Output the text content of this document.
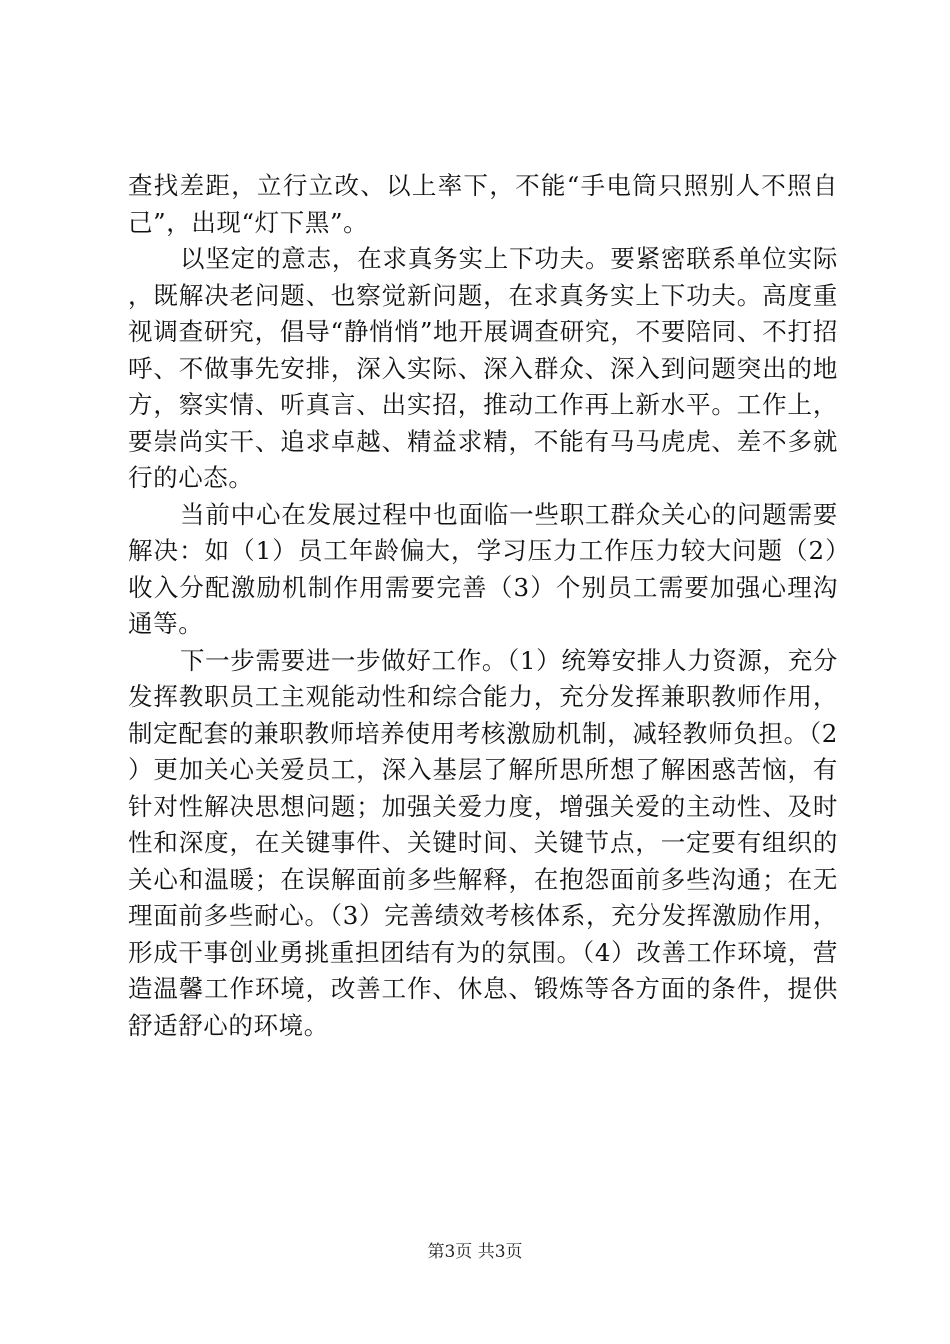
查找差距，立行立改、以上率下，不能“手电筒只照别人不照自己”，出现“灯下黑”。

以坚定的意志，在求真务实上下功夫。要紧密联系单位实际，既解决老问题、也察觉新问题，在求真务实上下功夫。高度重视调查研究，倡导“静悄悄”地开展调查研究，不要陪同、不打招呼、不做事先安排，深入实际、深入群众、深入到问题突出的地方，察实情、听真言、出实招，推动工作再上新水平。工作上，要崇尚实干、追求卓越、精益求精，不能有马马虎虎、差不多就行的心态。

当前中心在发展过程中也面临一些职工群众关心的问题需要解决：如（1）员工年龄偏大，学习压力工作压力较大问题（2）收入分配激励机制作用需要完善（3）个别员工需要加强心理沟通等。

下一步需要进一步做好工作。（1）统筹安排人力资源，充分发挥教职员工主观能动性和综合能力，充分发挥兼职教师作用，制定配套的兼职教师培养使用考核激励机制，减轻教师负担。（2）更加关心关爱员工，深入基层了解所思所想了解困惑苦恼，有针对性解决思想问题；加强关爱力度，增强关爱的主动性、及时性和深度，在关键事件、关键时间、关键节点，一定要有组织的关心和温暖；在误解面前多些解释，在抱怨面前多些沟通；在无理面前多些耐心。（3）完善绩效考核体系，充分发挥激励作用，形成干事创业勇挑重担团结有为的氛围。（4）改善工作环境，营造温馨工作环境，改善工作、休息、锻炼等各方面的条件，提供舒适舒心的环境。

第3页 共3页
